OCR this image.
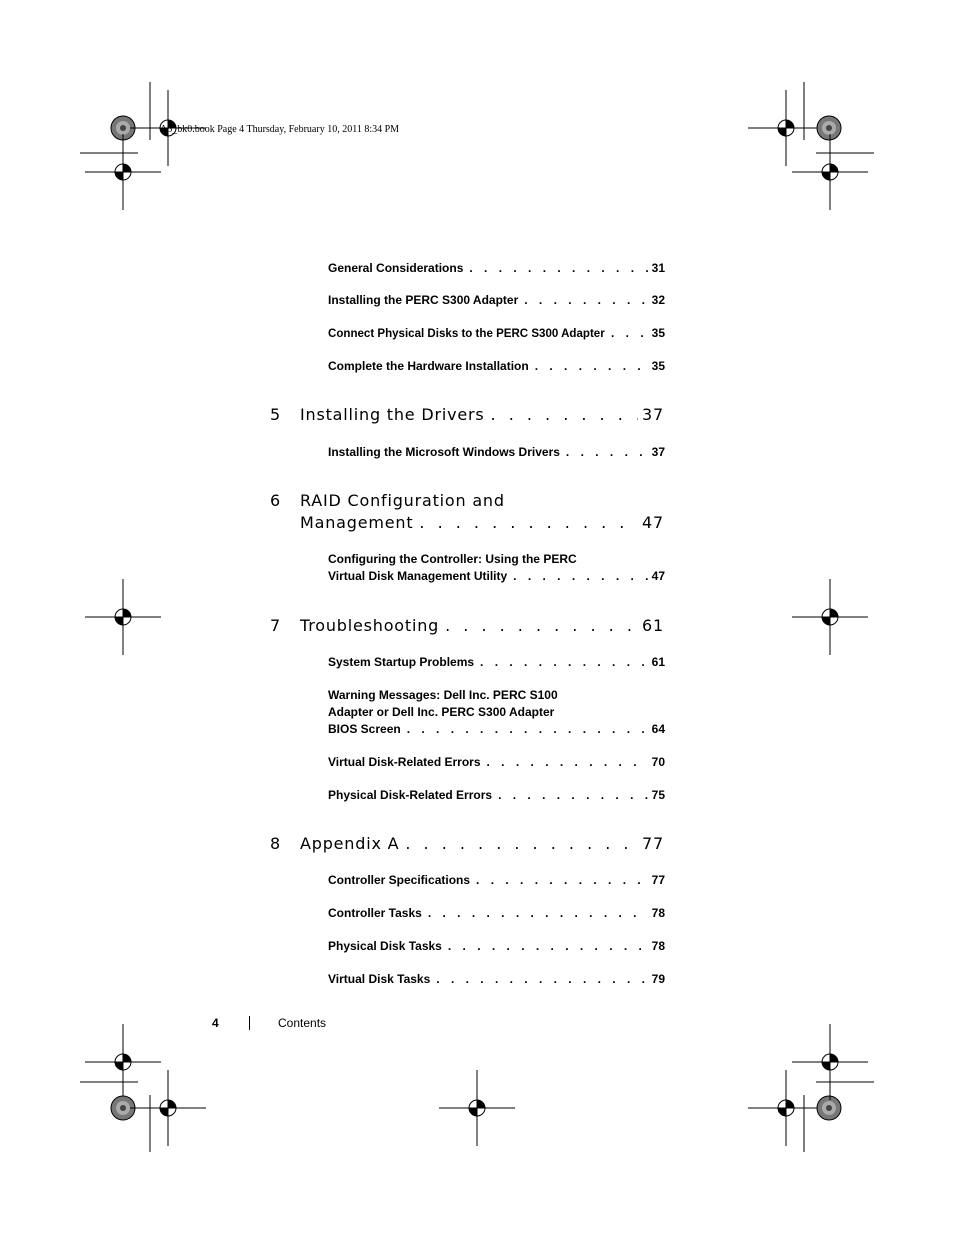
A5_bk0.book Page 4 Thursday, February 10, 2011 8:34 PM
General Considerations . . .	31
Installing the PERC S300 Adapter . . .	32
Connect Physical Disks to the PERC S300 Adapter . . .	35
Complete the Hardware Installation . . .	35
5 Installing the Drivers . . .	37
Installing the Microsoft Windows Drivers . . .	37
6 RAID Configuration and
Management . . .	47
Configuring the Controller: Using the PERC
Virtual Disk Management Utility . . .	47
7 Troubleshooting . . .	61
System Startup Problems . . .	61
Warning Messages: Dell Inc. PERC S100
Adapter or Dell Inc. PERC S300 Adapter
BIOS Screen . . .	64
Virtual Disk-Related Errors . . .	70
Physical Disk-Related Errors . . .	75
8 Appendix A . . .	77
Controller Specifications . . .	77
Controller Tasks . . .	78
Physical Disk Tasks . . .	78
Virtual Disk Tasks . . .	79
4	Contents
